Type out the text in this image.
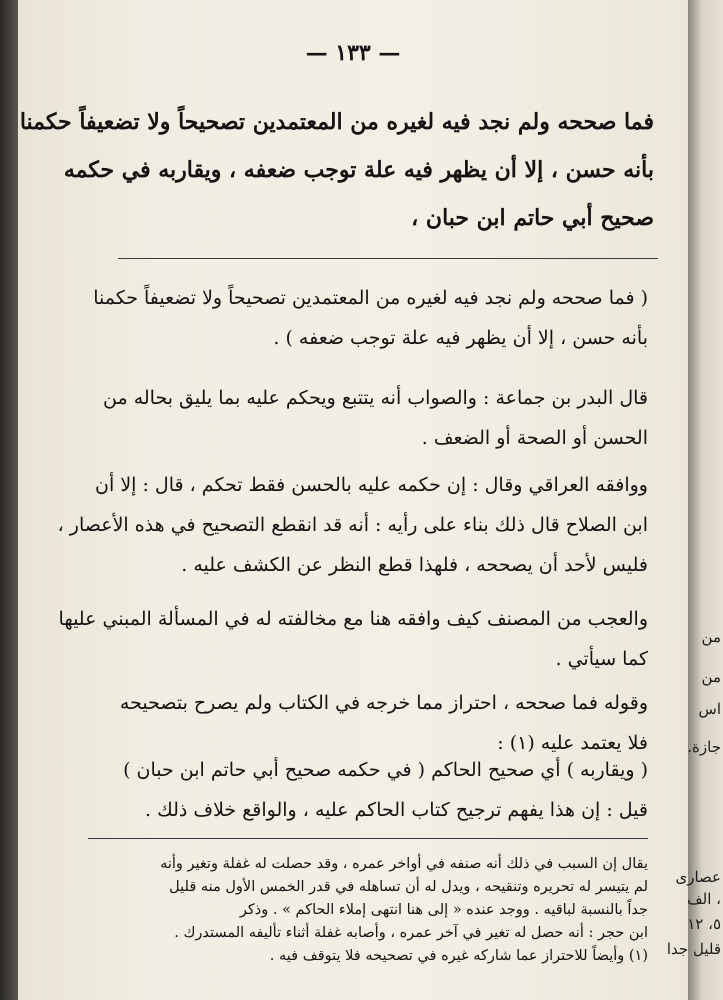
— ١٣٣ —
فما صححه ولم نجد فيه لغيره من المعتمدين تصحيحاً ولا تضعيفاً حكمنا
بأنه حسن ، إلا أن يظهر فيه علة توجب ضعفه ، ويقاربه في حكمه
صحيح أبي حاتم ابن حبان ،
( فما صححه ولم نجد فيه لغيره من المعتمدين تصحيحاً ولا تضعيفاً حكمنا
بأنه حسن ، إلا أن يظهر فيه علة توجب ضعفه ) .
قال البدر بن جماعة : والصواب أنه يتتبع ويحكم عليه بما يليق بحاله من
الحسن أو الصحة أو الضعف .
ووافقه العراقي وقال : إن حكمه عليه بالحسن فقط تحكم ، قال : إلا أن
ابن الصلاح قال ذلك بناء على رأيه : أنه قد انقطع التصحيح في هذه الأعصار ،
فليس لأحد أن يصححه ، فلهذا قطع النظر عن الكشف عليه .
والعجب من المصنف كيف وافقه هنا مع مخالفته له في المسألة المبني عليها
كما سيأتي .
وقوله فما صححه ، احتراز مما خرجه في الكتاب ولم يصرح بتصحيحه
فلا يعتمد عليه (١) :
( ويقاربه ) أي صحيح الحاكم ( في حكمه صحيح أبي حاتم ابن حبان )
قيل : إن هذا يفهم ترجيح كتاب الحاكم عليه ، والواقع خلاف ذلك .
يقال إن السبب في ذلك أنه صنفه في أواخر عمره ، وقد حصلت له غفلة وتغير وأنه
لم يتيسر له تحريره وتنقيحه ، ويدل له أن تساهله في قدر الخمس الأول منه قليل
جداً بالنسبة لباقيه . ووجد عنده « إلى هنا انتهى إملاء الحاكم » . وذكر
ابن حجر : أنه حصل له تغير في آخر عمره ، وأصابه غفلة أثناء تأليفه المستدرك .
(١) وأيضاً للاحتراز عما شاركه غيره في تصحيحه فلا يتوقف فيه .
من
من
اس
جازة.
عصارى
، الف
٥، ١٢
قليل جدا
